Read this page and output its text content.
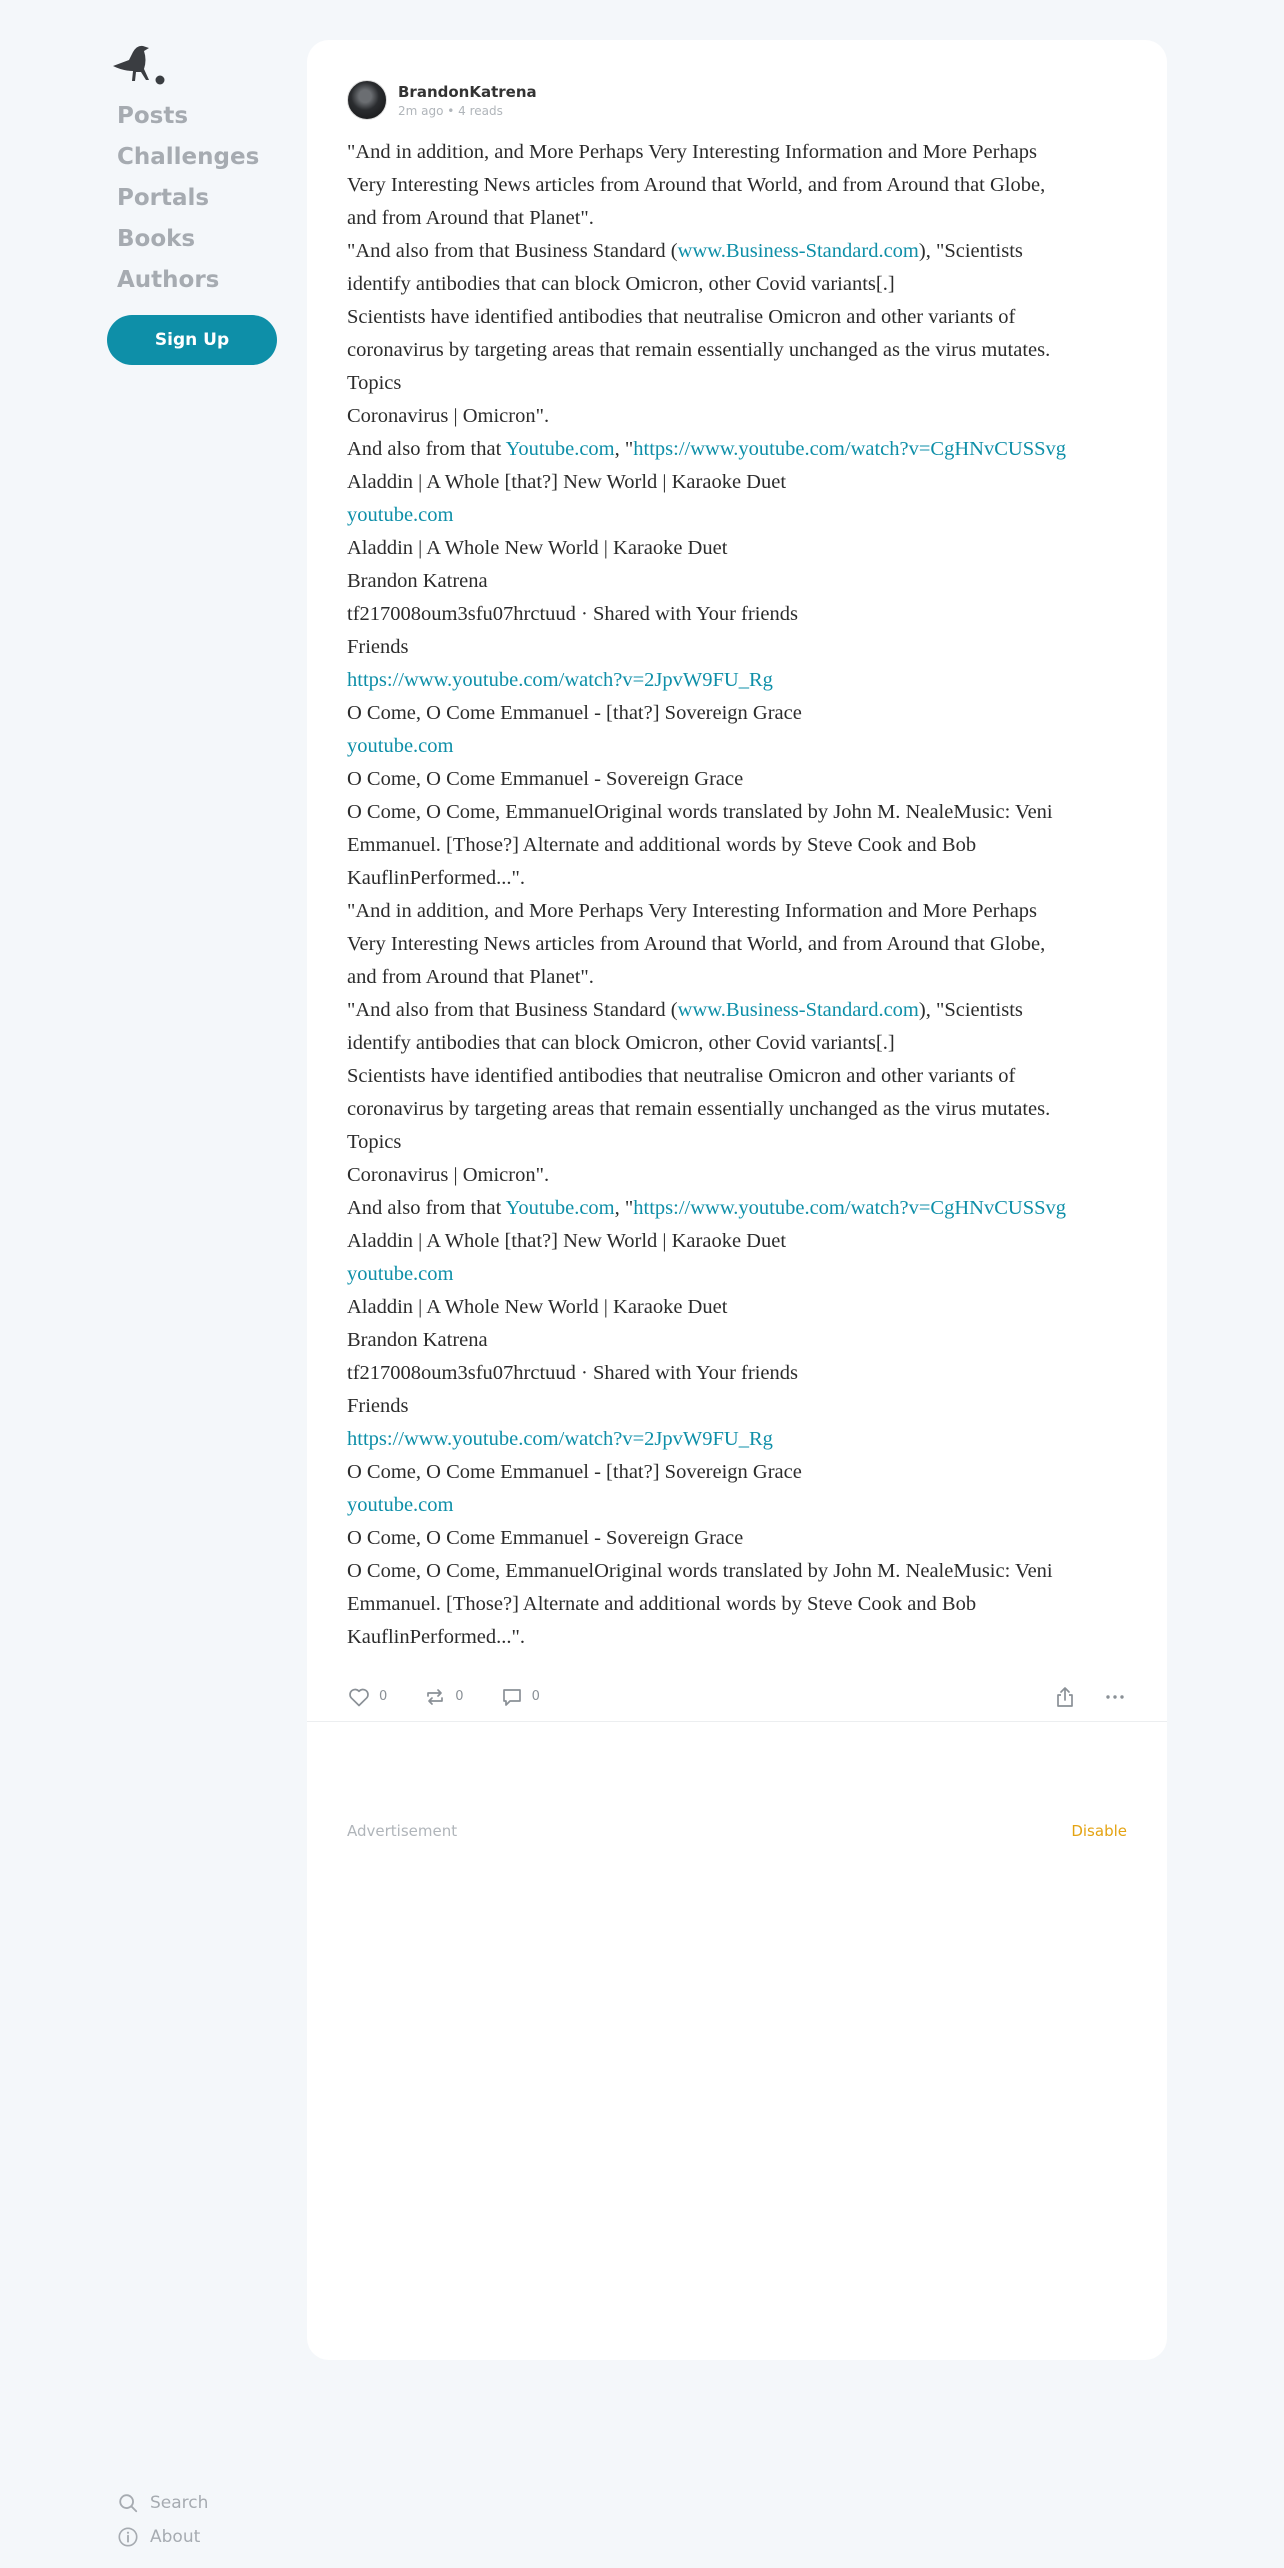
Posts
Challenges
Portals
Books
Authors
Sign Up
Search
About
BrandonKatrena
2m ago • 4 reads
"And in addition, and More Perhaps Very Interesting Information and More Perhaps
Very Interesting News articles from Around that World, and from Around that Globe,
and from Around that Planet".
"And also from that Business Standard (www.Business-Standard.com), "Scientists
identify antibodies that can block Omicron, other Covid variants[.]
Scientists have identified antibodies that neutralise Omicron and other variants of
coronavirus by targeting areas that remain essentially unchanged as the virus mutates.
Topics
Coronavirus | Omicron".
And also from that Youtube.com, "https://www.youtube.com/watch?v=CgHNvCUSSvg
Aladdin | A Whole [that?] New World | Karaoke Duet
youtube.com
Aladdin | A Whole New World | Karaoke Duet
Brandon Katrena
tf217008oum3sfu07hrctuud · Shared with Your friends
Friends
https://www.youtube.com/watch?v=2JpvW9FU_Rg
O Come, O Come Emmanuel - [that?] Sovereign Grace
youtube.com
O Come, O Come Emmanuel - Sovereign Grace
O Come, O Come, EmmanuelOriginal words translated by John M. NealeMusic: Veni
Emmanuel. [Those?] Alternate and additional words by Steve Cook and Bob
KauflinPerformed...".
"And in addition, and More Perhaps Very Interesting Information and More Perhaps
Very Interesting News articles from Around that World, and from Around that Globe,
and from Around that Planet".
"And also from that Business Standard (www.Business-Standard.com), "Scientists
identify antibodies that can block Omicron, other Covid variants[.]
Scientists have identified antibodies that neutralise Omicron and other variants of
coronavirus by targeting areas that remain essentially unchanged as the virus mutates.
Topics
Coronavirus | Omicron".
And also from that Youtube.com, "https://www.youtube.com/watch?v=CgHNvCUSSvg
Aladdin | A Whole [that?] New World | Karaoke Duet
youtube.com
Aladdin | A Whole New World | Karaoke Duet
Brandon Katrena
tf217008oum3sfu07hrctuud · Shared with Your friends
Friends
https://www.youtube.com/watch?v=2JpvW9FU_Rg
O Come, O Come Emmanuel - [that?] Sovereign Grace
youtube.com
O Come, O Come Emmanuel - Sovereign Grace
O Come, O Come, EmmanuelOriginal words translated by John M. NealeMusic: Veni
Emmanuel. [Those?] Alternate and additional words by Steve Cook and Bob
KauflinPerformed...".
0	0	0
Advertisement	Disable
